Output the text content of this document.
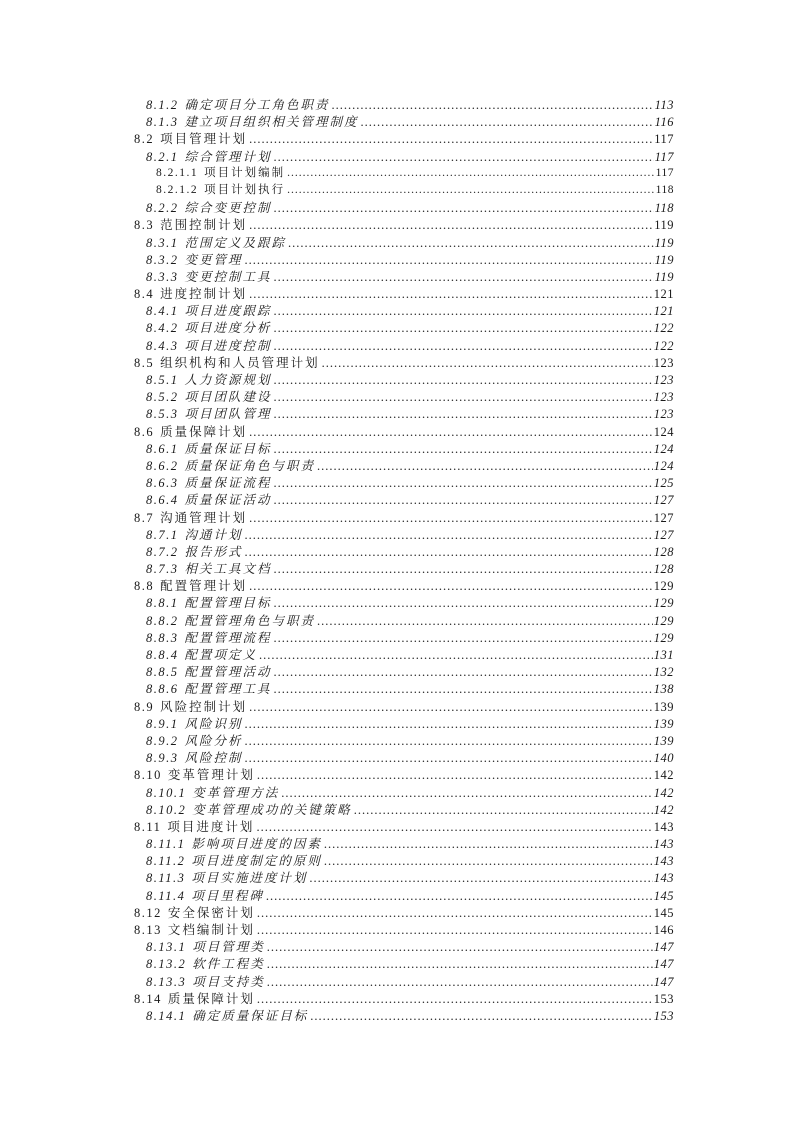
8.1.2 确定项目分工角色职责 .....	113
8.1.3 建立项目组织相关管理制度 .....	116
8.2 项目管理计划 .....	117
8.2.1 综合管理计划 .....	117
8.2.1.1 项目计划编制 .....	117
8.2.1.2 项目计划执行 .....	118
8.2.2 综合变更控制 .....	118
8.3 范围控制计划 .....	119
8.3.1 范围定义及跟踪 .....	119
8.3.2 变更管理 .....	119
8.3.3 变更控制工具 .....	119
8.4 进度控制计划 .....	121
8.4.1 项目进度跟踪 .....	121
8.4.2 项目进度分析 .....	122
8.4.3 项目进度控制 .....	122
8.5 组织机构和人员管理计划 .....	123
8.5.1 人力资源规划 .....	123
8.5.2 项目团队建设 .....	123
8.5.3 项目团队管理 .....	123
8.6 质量保障计划 .....	124
8.6.1 质量保证目标 .....	124
8.6.2 质量保证角色与职责 .....	124
8.6.3 质量保证流程 .....	125
8.6.4 质量保证活动 .....	127
8.7 沟通管理计划 .....	127
8.7.1 沟通计划 .....	127
8.7.2 报告形式 .....	128
8.7.3 相关工具文档 .....	128
8.8 配置管理计划 .....	129
8.8.1 配置管理目标 .....	129
8.8.2 配置管理角色与职责 .....	129
8.8.3 配置管理流程 .....	129
8.8.4 配置项定义 .....	131
8.8.5 配置管理活动 .....	132
8.8.6 配置管理工具 .....	138
8.9 风险控制计划 .....	139
8.9.1 风险识别 .....	139
8.9.2 风险分析 .....	139
8.9.3 风险控制 .....	140
8.10 变革管理计划 .....	142
8.10.1 变革管理方法 .....	142
8.10.2 变革管理成功的关键策略 .....	142
8.11 项目进度计划 .....	143
8.11.1 影响项目进度的因素 .....	143
8.11.2 项目进度制定的原则 .....	143
8.11.3 项目实施进度计划 .....	143
8.11.4 项目里程碑 .....	145
8.12 安全保密计划 .....	145
8.13 文档编制计划 .....	146
8.13.1 项目管理类 .....	147
8.13.2 软件工程类 .....	147
8.13.3 项目支持类 .....	147
8.14 质量保障计划 .....	153
8.14.1 确定质量保证目标 .....	153
